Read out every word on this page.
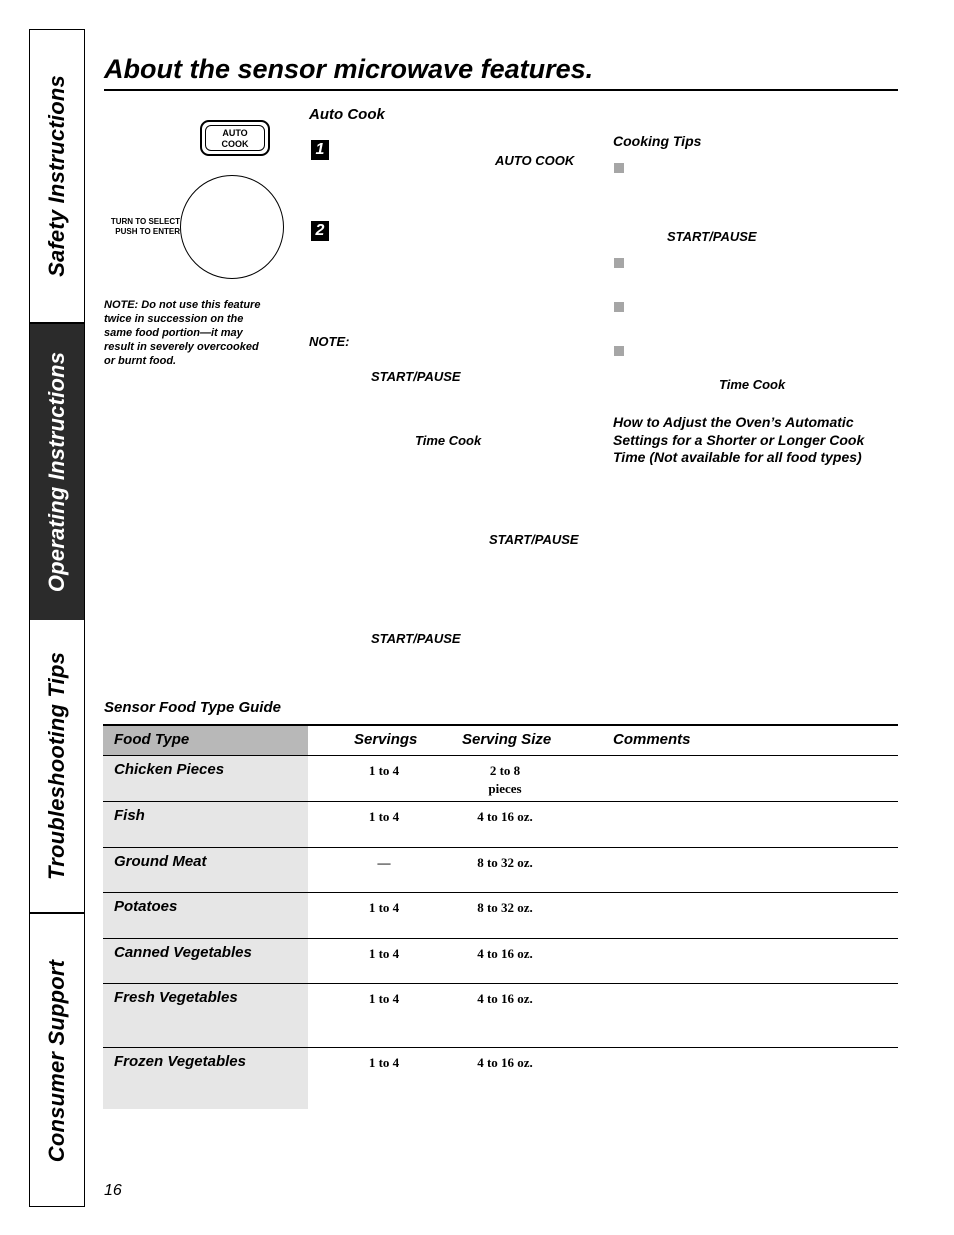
Safety Instructions
Operating Instructions
Troubleshooting Tips
Consumer Support
About the sensor microwave features.
AUTO
COOK
TURN TO SELECT
PUSH TO ENTER
NOTE: Do not use this feature twice in succession on the same food portion—it may result in severely overcooked or burnt food.
Auto Cook
1
AUTO COOK
2
NOTE:
START/PAUSE
Time Cook
START/PAUSE
START/PAUSE
Cooking Tips
START/PAUSE
Time Cook
How to Adjust the Oven’s Automatic Settings for a Shorter or Longer Cook Time (Not available for all food types)
Sensor Food Type Guide
Food Type	Servings	Serving Size	Comments
Chicken Pieces	1 to 4	2 to 8
pieces
Fish	1 to 4	4 to 16 oz.
Ground Meat	—	8 to 32 oz.
Potatoes	1 to 4	8 to 32 oz.
Canned Vegetables	1 to 4	4 to 16 oz.
Fresh Vegetables	1 to 4	4 to 16 oz.
Frozen Vegetables	1 to 4	4 to 16 oz.
16
